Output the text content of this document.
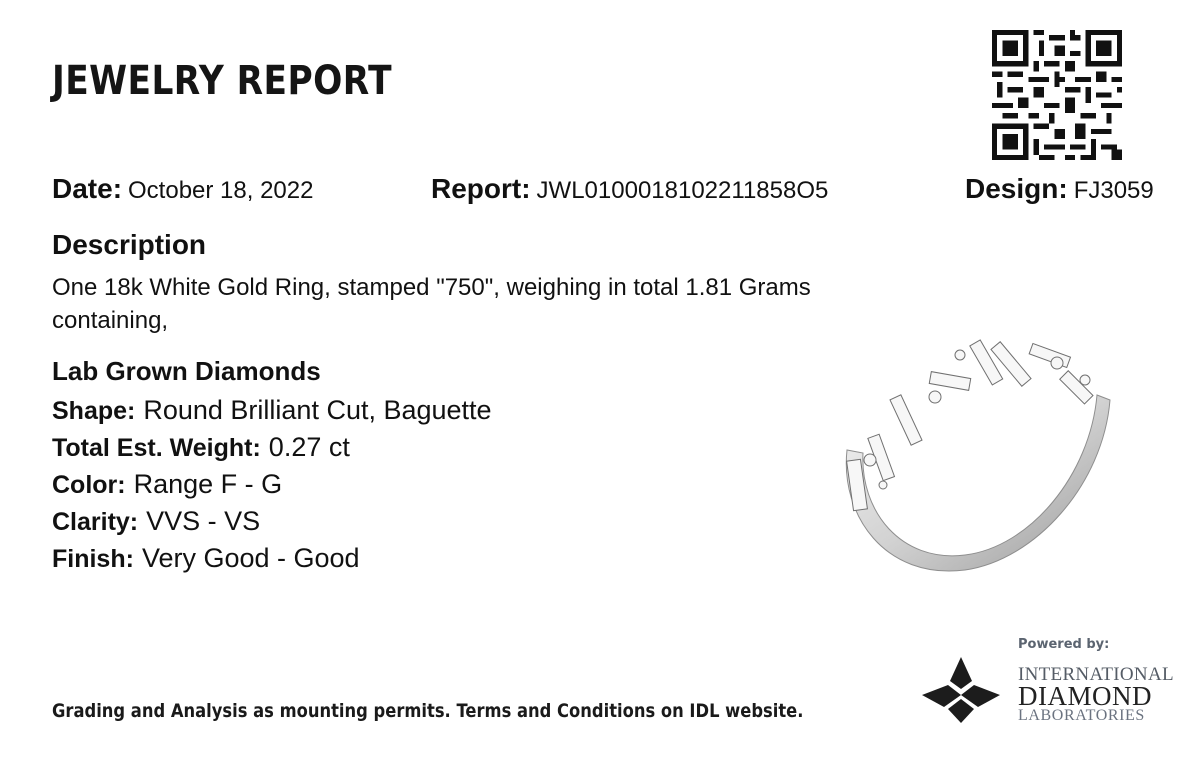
JEWELRY REPORT
Date: October 18, 2022	Report: JWL0100018102211858O5	Design: FJ3059
Description
One 18k White Gold Ring, stamped "750", weighing in total 1.81 Grams containing,
Lab Grown Diamonds
Shape: Round Brilliant Cut, Baguette
Total Est. Weight: 0.27 ct
Color: Range F - G
Clarity: VVS - VS
Finish: Very Good - Good
Grading and Analysis as mounting permits. Terms and Conditions on IDL website.
Powered by:
INTERNATIONAL
DIAMOND
LABORATORIES
